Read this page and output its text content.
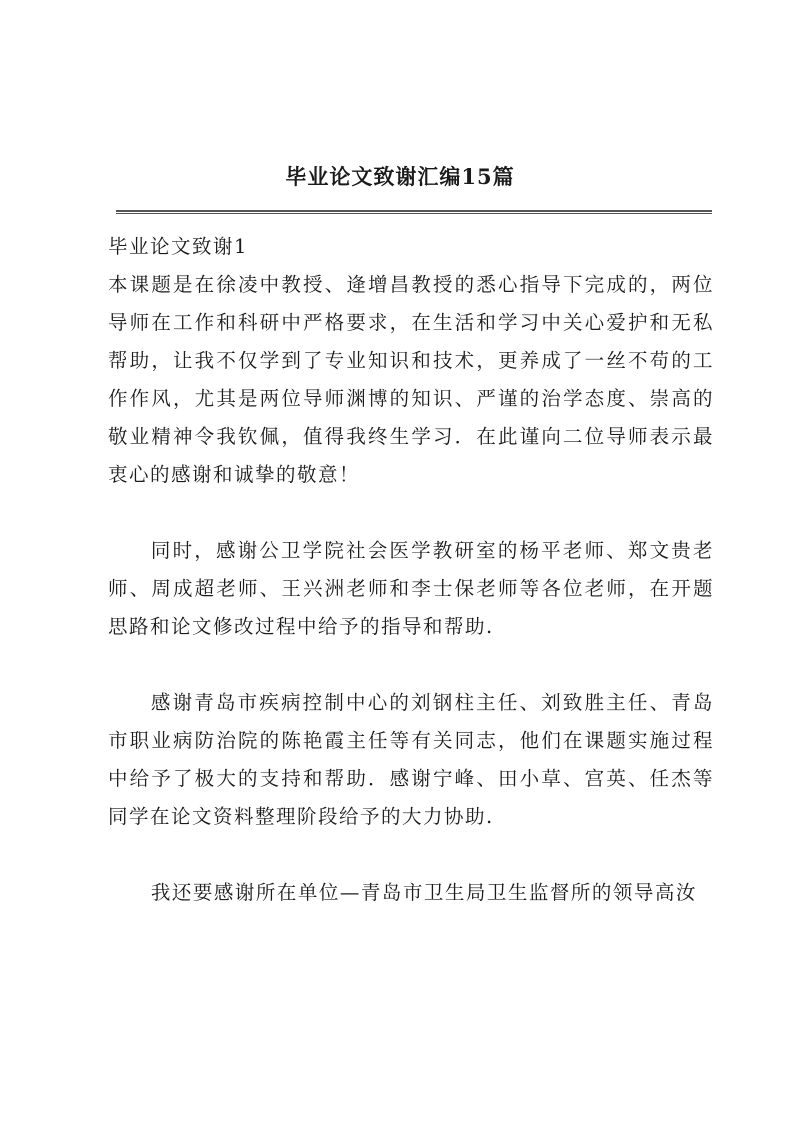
毕业论文致谢汇编15篇

毕业论文致谢1

本课题是在徐凌中教授、逄增昌教授的悉心指导下完成的，两位导师在工作和科研中严格要求，在生活和学习中关心爱护和无私帮助，让我不仅学到了专业知识和技术，更养成了一丝不苟的工作作风，尤其是两位导师渊博的知识、严谨的治学态度、崇高的敬业精神令我钦佩，值得我终生学习．在此谨向二位导师表示最衷心的感谢和诚挚的敬意！

同时，感谢公卫学院社会医学教研室的杨平老师、郑文贵老师、周成超老师、王兴洲老师和李士保老师等各位老师，在开题思路和论文修改过程中给予的指导和帮助.

感谢青岛市疾病控制中心的刘钢柱主任、刘致胜主任、青岛市职业病防治院的陈艳霞主任等有关同志，他们在课题实施过程中给予了极大的支持和帮助．感谢宁峰、田小草、宫英、任杰等同学在论文资料整理阶段给予的大力协助.

我还要感谢所在单位—青岛市卫生局卫生监督所的领导高汝
